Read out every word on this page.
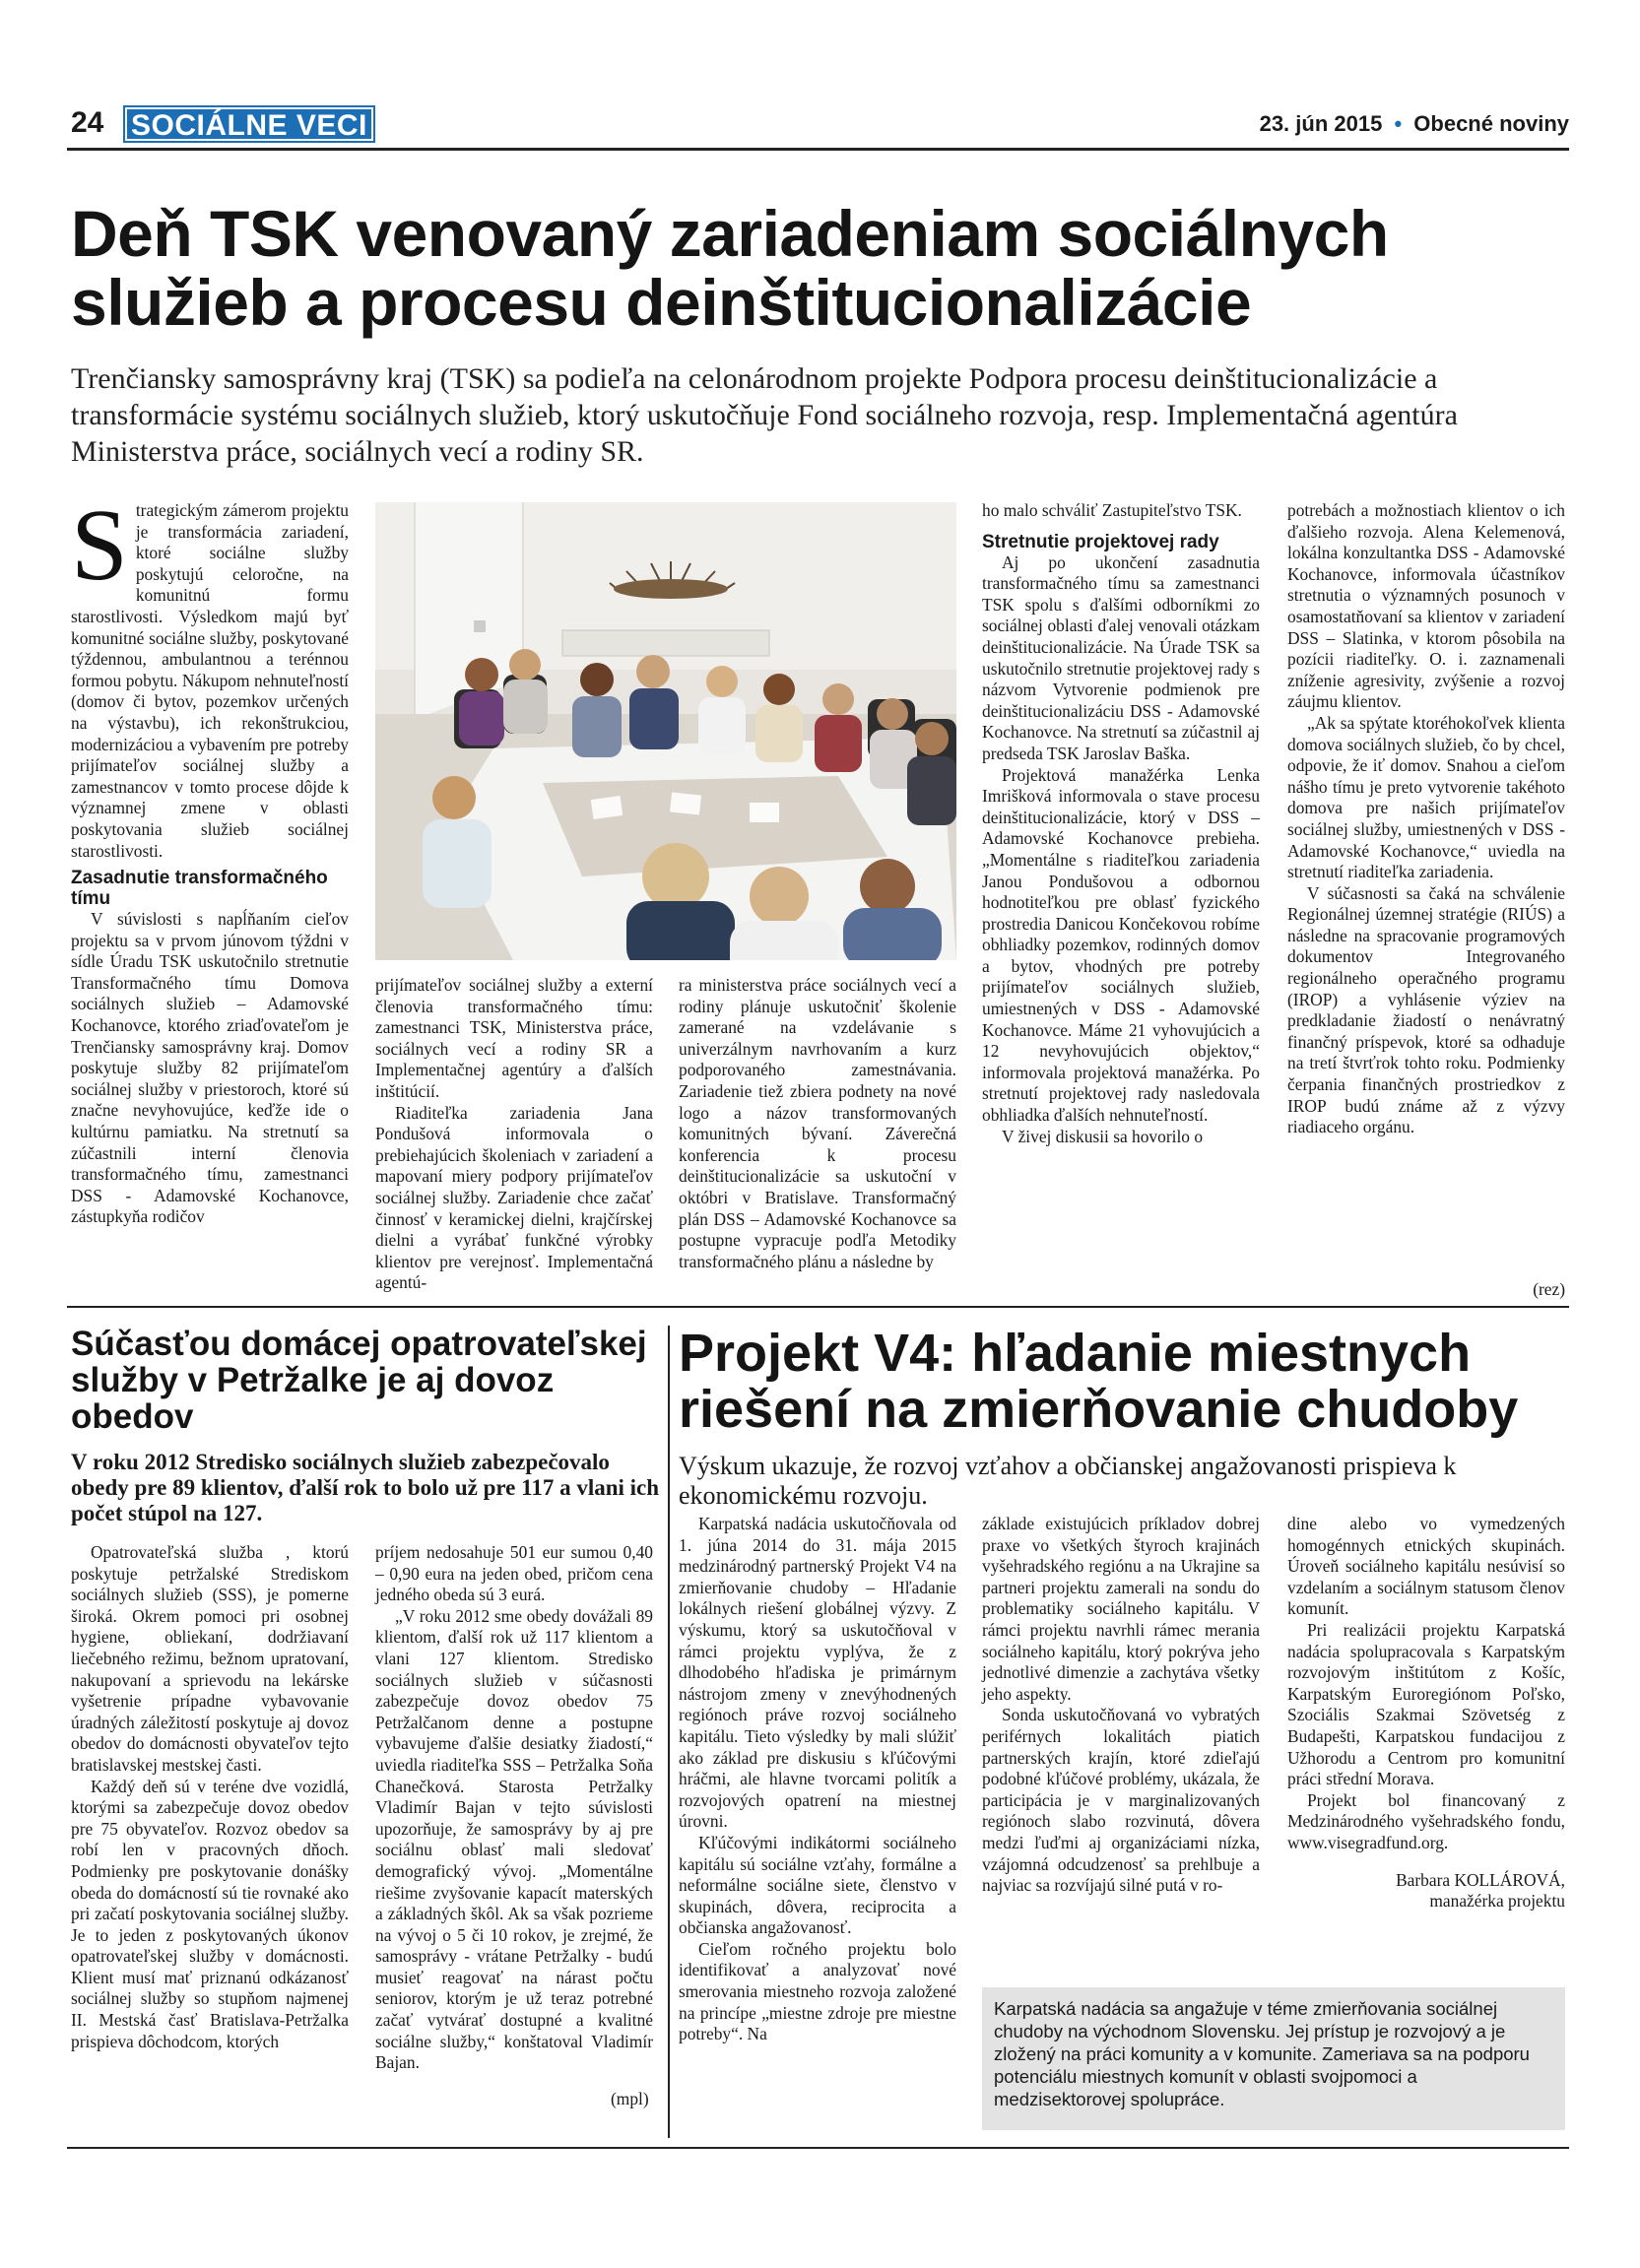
24 SOCIÁLNE VECI	23. jún 2015 • Obecné noviny
Deň TSK venovaný zariadeniam sociálnych
služieb a procesu deinštitucionalizácie
Trenčiansky samosprávny kraj (TSK) sa podieľa na celonárodnom projekte Podpora procesu deinštitucionalizácie a transformácie systému sociálnych služieb, ktorý uskutočňuje Fond sociálneho rozvoja, resp. Implementačná agentúra Ministerstva práce, sociálnych vecí a rodiny SR.

Strategickým zámerom projektu je transformácia zariadení, ktoré sociálne služby poskytujú celoročne, na komunitnú formu starostlivosti. Výsledkom majú byť komunitné sociálne služby, poskytované týždennou, ambulantnou a terénnou formou pobytu. Nákupom nehnuteľností (domov či bytov, pozemkov určených na výstavbu), ich rekonštrukciou, modernizáciou a vybavením pre potreby prijímateľov sociálnej služby a zamestnancov v tomto procese dôjde k významnej zmene v oblasti poskytovania služieb sociálnej starostlivosti.

Zasadnutie transformačného tímu

V súvislosti s napĺňaním cieľov projektu sa v prvom júnovom týždni v sídle Úradu TSK uskutočnilo stretnutie Transformačného tímu Domova sociálnych služieb – Adamovské Kochanovce, ktorého zriaďovateľom je Trenčiansky samosprávny kraj. Domov poskytuje služby 82 prijímateľom sociálnej služby v priestoroch, ktoré sú značne nevyhovujúce, keďže ide o kultúrnu pamiatku. Na stretnutí sa zúčastnili interní členovia transformačného tímu, zamestnanci DSS - Adamovské Kochanovce, zástupkyňa rodičov

prijímateľov sociálnej služby a externí členovia transformačného tímu: zamestnanci TSK, Ministerstva práce, sociálnych vecí a rodiny SR a Implementačnej agentúry a ďalších inštitúcií.

Riaditeľka zariadenia Jana Pondušová informovala o prebiehajúcich školeniach v zariadení a mapovaní miery podpory prijímateľov sociálnej služby. Zariadenie chce začať činnosť v keramickej dielni, krajčírskej dielni a vyrábať funkčné výrobky klientov pre verejnosť. Implementačná agentú-

ra ministerstva práce sociálnych vecí a rodiny plánuje uskutočniť školenie zamerané na vzdelávanie s univerzálnym navrhovaním a kurz podporovaného zamestnávania. Zariadenie tiež zbiera podnety na nové logo a názov transformovaných komunitných bývaní. Záverečná konferencia k procesu deinštitucionalizácie sa uskutoční v októbri v Bratislave. Transformačný plán DSS – Adamovské Kochanovce sa postupne vypracuje podľa Metodiky transformačného plánu a následne by

ho malo schváliť Zastupiteľstvo TSK.

Stretnutie projektovej rady

Aj po ukončení zasadnutia transformačného tímu sa zamestnanci TSK spolu s ďalšími odborníkmi zo sociálnej oblasti ďalej venovali otázkam deinštitucionalizácie. Na Úrade TSK sa uskutočnilo stretnutie projektovej rady s názvom Vytvorenie podmienok pre deinštitucionalizáciu DSS - Adamovské Kochanovce. Na stretnutí sa zúčastnil aj predseda TSK Jaroslav Baška.

Projektová manažérka Lenka Imrišková informovala o stave procesu deinštitucionalizácie, ktorý v DSS – Adamovské Kochanovce prebieha. „Momentálne s riaditeľkou zariadenia Janou Pondušovou a odbornou hodnotiteľkou pre oblasť fyzického prostredia Danicou Končekovou robíme obhliadky pozemkov, rodinných domov a bytov, vhodných pre potreby prijímateľov sociálnych služieb, umiestnených v DSS - Adamovské Kochanovce. Máme 21 vyhovujúcich a 12 nevyhovujúcich objektov,“ informovala projektová manažérka. Po stretnutí projektovej rady nasledovala obhliadka ďalších nehnuteľností.

V živej diskusii sa hovorilo o

potrebách a možnostiach klientov o ich ďalšieho rozvoja. Alena Kelemenová, lokálna konzultantka DSS - Adamovské Kochanovce, informovala účastníkov stretnutia o významných posunoch v osamostatňovaní sa klientov v zariadení DSS – Slatinka, v ktorom pôsobila na pozícii riaditeľky. O. i. zaznamenali zníženie agresivity, zvýšenie a rozvoj záujmu klientov.

„Ak sa spýtate ktoréhokoľvek klienta domova sociálnych služieb, čo by chcel, odpovie, že iť domov. Snahou a cieľom nášho tímu je preto vytvorenie takéhoto domova pre našich prijímateľov sociálnej služby, umiestnených v DSS - Adamovské Kochanovce,“ uviedla na stretnutí riaditeľka zariadenia.

V súčasnosti sa čaká na schválenie Regionálnej územnej stratégie (RIÚS) a následne na spracovanie programových dokumentov Integrovaného regionálneho operačného programu (IROP) a vyhlásenie výziev na predkladanie žiadostí o nenávratný finančný príspevok, ktoré sa odhaduje na tretí štvrťrok tohto roku. Podmienky čerpania finančných prostriedkov z IROP budú známe až z výzvy riadiaceho orgánu.

(rez)
Súčasťou domácej opatrovateľskej služby v Petržalke je aj dovoz obedov
V roku 2012 Stredisko sociálnych služieb zabezpečovalo obedy pre 89 klientov, ďalší rok to bolo už pre 117 a vlani ich počet stúpol na 127.

Opatrovateľská služba , ktorú poskytuje petržalské Strediskom sociálnych služieb (SSS), je pomerne široká. Okrem pomoci pri osobnej hygiene, obliekaní, dodržiavaní liečebného režimu, bežnom upratovaní, nakupovaní a sprievodu na lekárske vyšetrenie prípadne vybavovanie úradných záležitostí poskytuje aj dovoz obedov do domácnosti obyvateľov tejto bratislavskej mestskej časti.

Každý deň sú v teréne dve vozidlá, ktorými sa zabezpečuje dovoz obedov pre 75 obyvateľov. Rozvoz obedov sa robí len v pracovných dňoch. Podmienky pre poskytovanie donášky obeda do domácností sú tie rovnaké ako pri začatí poskytovania sociálnej služby. Je to jeden z poskytovaných úkonov opatrovateľskej služby v domácnosti. Klient musí mať priznanú odkázanosť sociálnej služby so stupňom najmenej II. Mestská časť Bratislava-Petržalka prispieva dôchodcom, ktorých

príjem nedosahuje 501 eur sumou 0,40 – 0,90 eura na jeden obed, pričom cena jedného obeda sú 3 eurá.

„V roku 2012 sme obedy dovážali 89 klientom, ďalší rok už 117 klientom a vlani 127 klientom. Stredisko sociálnych služieb v súčasnosti zabezpečuje dovoz obedov 75 Petržalčanom denne a postupne vybavujeme ďalšie desiatky žiadostí,“ uviedla riaditeľka SSS – Petržalka Soňa Chanečková. Starosta Petržalky Vladimír Bajan v tejto súvislosti upozorňuje, že samosprávy by aj pre sociálnu oblasť mali sledovať demografický vývoj. „Momentálne riešime zvyšovanie kapacít materských a základných škôl. Ak sa však pozrieme na vývoj o 5 či 10 rokov, je zrejmé, že samosprávy - vrátane Petržalky - budú musieť reagovať na nárast počtu seniorov, ktorým je už teraz potrebné začať vytvárať dostupné a kvalitné sociálne služby,“ konštatoval Vladimír Bajan.

(mpl)
Projekt V4: hľadanie miestnych
riešení na zmierňovanie chudoby
Výskum ukazuje, že rozvoj vzťahov a občianskej angažovanosti prispieva k ekonomickému rozvoju.

Karpatská nadácia uskutočňovala od 1. júna 2014 do 31. mája 2015 medzinárodný partnerský Projekt V4 na zmierňovanie chudoby – Hľadanie lokálnych riešení globálnej výzvy. Z výskumu, ktorý sa uskutočňoval v rámci projektu vyplýva, že z dlhodobého hľadiska je primárnym nástrojom zmeny v znevýhodnených regiónoch práve rozvoj sociálneho kapitálu. Tieto výsledky by mali slúžiť ako základ pre diskusiu s kľúčovými hráčmi, ale hlavne tvorcami politík a rozvojových opatrení na miestnej úrovni.

Kľúčovými indikátormi sociálneho kapitálu sú sociálne vzťahy, formálne a neformálne sociálne siete, členstvo v skupinách, dôvera, reciprocita a občianska angažovanosť.

Cieľom ročného projektu bolo identifikovať a analyzovať nové smerovania miestneho rozvoja založené na princípe „miestne zdroje pre miestne potreby“. Na

základe existujúcich príkladov dobrej praxe vo všetkých štyroch krajinách vyšehradského regiónu a na Ukrajine sa partneri projektu zamerali na sondu do problematiky sociálneho kapitálu. V rámci projektu navrhli rámec merania sociálneho kapitálu, ktorý pokrýva jeho jednotlivé dimenzie a zachytáva všetky jeho aspekty.

Sonda uskutočňovaná vo vybratých periférnych lokalitách piatich partnerských krajín, ktoré zdieľajú podobné kľúčové problémy, ukázala, že participácia je v marginalizovaných regiónoch slabo rozvinutá, dôvera medzi ľuďmi aj organizáciami nízka, vzájomná odcudzenosť sa prehlbuje a najviac sa rozvíjajú silné putá v ro-

dine alebo vo vymedzených homogénnych etnických skupinách. Úroveň sociálneho kapitálu nesúvisí so vzdelaním a sociálnym statusom členov komunít.

Pri realizácii projektu Karpatská nadácia spolupracovala s Karpatským rozvojovým inštitútom z Košíc, Karpatským Euroregiónom Poľsko, Szociális Szakmai Szövetség z Budapešti, Karpatskou fundacijou z Užhorodu a Centrom pro komunitní práci střední Morava.

Projekt bol financovaný z Medzinárodného vyšehradského fondu, www.visegradfund.org.

Barbara KOLLÁROVÁ,

manažérka projektu

Karpatská nadácia sa angažuje v téme zmierňovania sociálnej chudoby na východnom Slovensku. Jej prístup je rozvojový a je zložený na práci komunity a v komunite. Zameriava sa na podporu potenciálu miestnych komunít v oblasti svojpomoci a medzisektorovej spolupráce.
